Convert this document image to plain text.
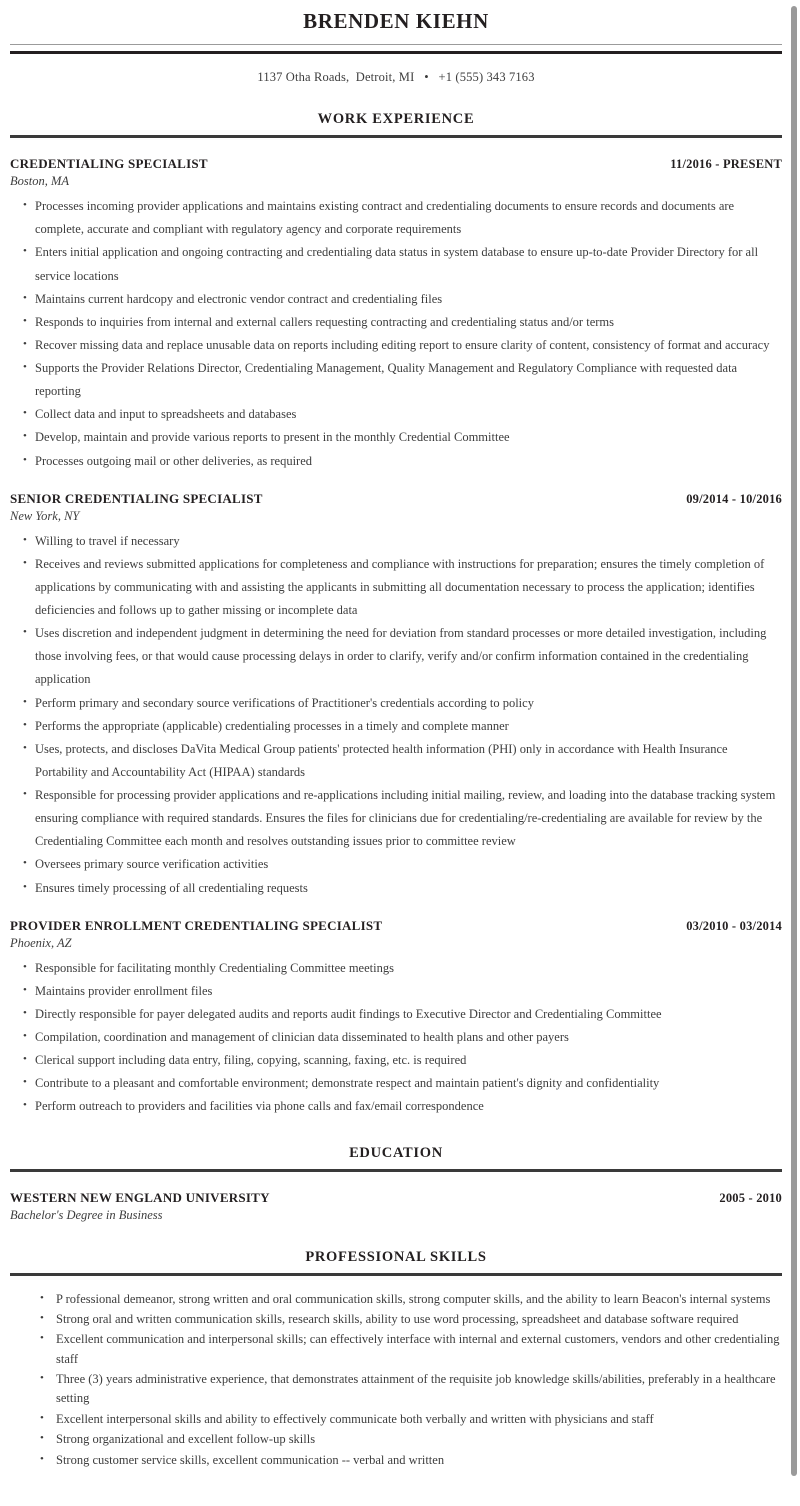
BRENDEN KIEHN
1137 Otha Roads,  Detroit, MI   •   +1 (555) 343 7163
WORK EXPERIENCE
CREDENTIALING SPECIALIST	11/2016 - PRESENT
Boston, MA
• Processes incoming provider applications and maintains existing contract and credentialing documents to ensure records and documents are complete, accurate and compliant with regulatory agency and corporate requirements
• Enters initial application and ongoing contracting and credentialing data status in system database to ensure up-to-date Provider Directory for all service locations
• Maintains current hardcopy and electronic vendor contract and credentialing files
• Responds to inquiries from internal and external callers requesting contracting and credentialing status and/or terms
• Recover missing data and replace unusable data on reports including editing report to ensure clarity of content, consistency of format and accuracy
• Supports the Provider Relations Director, Credentialing Management, Quality Management and Regulatory Compliance with requested data reporting
• Collect data and input to spreadsheets and databases
• Develop, maintain and provide various reports to present in the monthly Credential Committee
• Processes outgoing mail or other deliveries, as required
SENIOR CREDENTIALING SPECIALIST	09/2014 - 10/2016
New York, NY
• Willing to travel if necessary
• Receives and reviews submitted applications for completeness and compliance with instructions for preparation; ensures the timely completion of applications by communicating with and assisting the applicants in submitting all documentation necessary to process the application; identifies deficiencies and follows up to gather missing or incomplete data
• Uses discretion and independent judgment in determining the need for deviation from standard processes or more detailed investigation, including those involving fees, or that would cause processing delays in order to clarify, verify and/or confirm information contained in the credentialing application
• Perform primary and secondary source verifications of Practitioner's credentials according to policy
• Performs the appropriate (applicable) credentialing processes in a timely and complete manner
• Uses, protects, and discloses DaVita Medical Group patients' protected health information (PHI) only in accordance with Health Insurance Portability and Accountability Act (HIPAA) standards
• Responsible for processing provider applications and re-applications including initial mailing, review, and loading into the database tracking system ensuring compliance with required standards. Ensures the files for clinicians due for credentialing/re-credentialing are available for review by the Credentialing Committee each month and resolves outstanding issues prior to committee review
• Oversees primary source verification activities
• Ensures timely processing of all credentialing requests
PROVIDER ENROLLMENT CREDENTIALING SPECIALIST	03/2010 - 03/2014
Phoenix, AZ
• Responsible for facilitating monthly Credentialing Committee meetings
• Maintains provider enrollment files
• Directly responsible for payer delegated audits and reports audit findings to Executive Director and Credentialing Committee
• Compilation, coordination and management of clinician data disseminated to health plans and other payers
• Clerical support including data entry, filing, copying, scanning, faxing, etc. is required
• Contribute to a pleasant and comfortable environment; demonstrate respect and maintain patient's dignity and confidentiality
• Perform outreach to providers and facilities via phone calls and fax/email correspondence
EDUCATION
WESTERN NEW ENGLAND UNIVERSITY	2005 - 2010
Bachelor's Degree in Business
PROFESSIONAL SKILLS
• P rofessional demeanor, strong written and oral communication skills, strong computer skills, and the ability to learn Beacon's internal systems
• Strong oral and written communication skills, research skills, ability to use word processing, spreadsheet and database software required
• Excellent communication and interpersonal skills; can effectively interface with internal and external customers, vendors and other credentialing staff
• Three (3) years administrative experience, that demonstrates attainment of the requisite job knowledge skills/abilities, preferably in a healthcare setting
• Excellent interpersonal skills and ability to effectively communicate both verbally and written with physicians and staff
• Strong organizational and excellent follow-up skills
• Strong customer service skills, excellent communication -- verbal and written
